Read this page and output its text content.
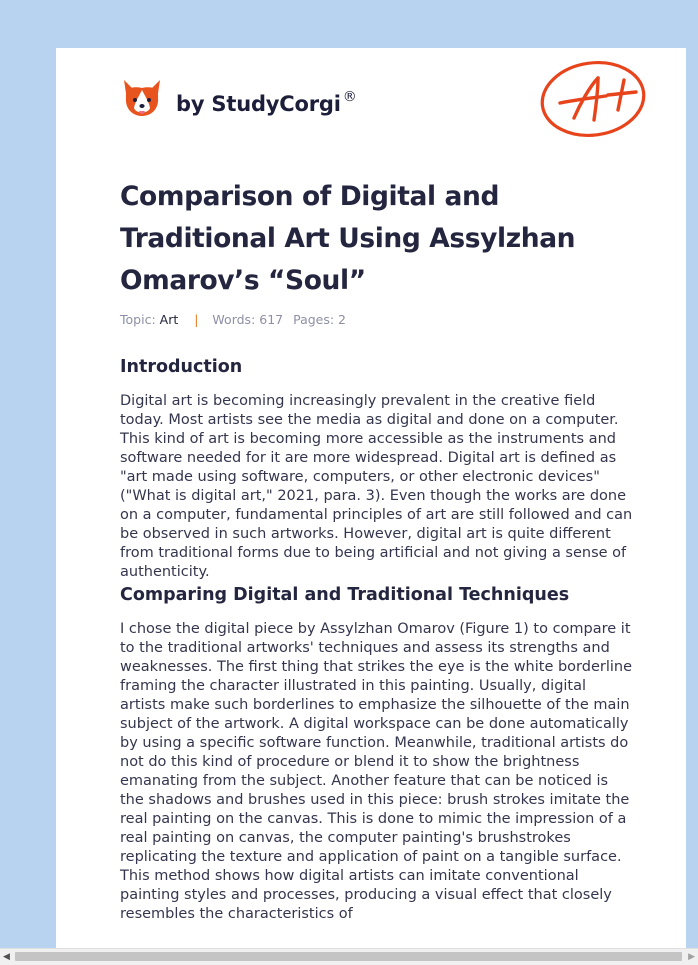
by StudyCorgi ®
A+
Comparison of Digital and Traditional Art Using Assylzhan Omarov’s “Soul”
Topic: Art | Words: 617 Pages: 2
Introduction

Digital art is becoming increasingly prevalent in the creative field today. Most artists see the media as digital and done on a computer. This kind of art is becoming more accessible as the instruments and software needed for it are more widespread. Digital art is defined as "art made using software, computers, or other electronic devices" ("What is digital art," 2021, para. 3). Even though the works are done on a computer, fundamental principles of art are still followed and can be observed in such artworks. However, digital art is quite different from traditional forms due to being artificial and not giving a sense of authenticity.

Comparing Digital and Traditional Techniques

I chose the digital piece by Assylzhan Omarov (Figure 1) to compare it to the traditional artworks' techniques and assess its strengths and weaknesses. The first thing that strikes the eye is the white borderline framing the character illustrated in this painting. Usually, digital artists make such borderlines to emphasize the silhouette of the main subject of the artwork. A digital workspace can be done automatically by using a specific software function. Meanwhile, traditional artists do not do this kind of procedure or blend it to show the brightness emanating from the subject. Another feature that can be noticed is the shadows and brushes used in this piece: brush strokes imitate the real painting on the canvas. This is done to mimic the impression of a real painting on canvas, the computer painting's brushstrokes replicating the texture and application of paint on a tangible surface. This method shows how digital artists can imitate conventional painting styles and processes, producing a visual effect that closely resembles the characteristics of

◀	▶
